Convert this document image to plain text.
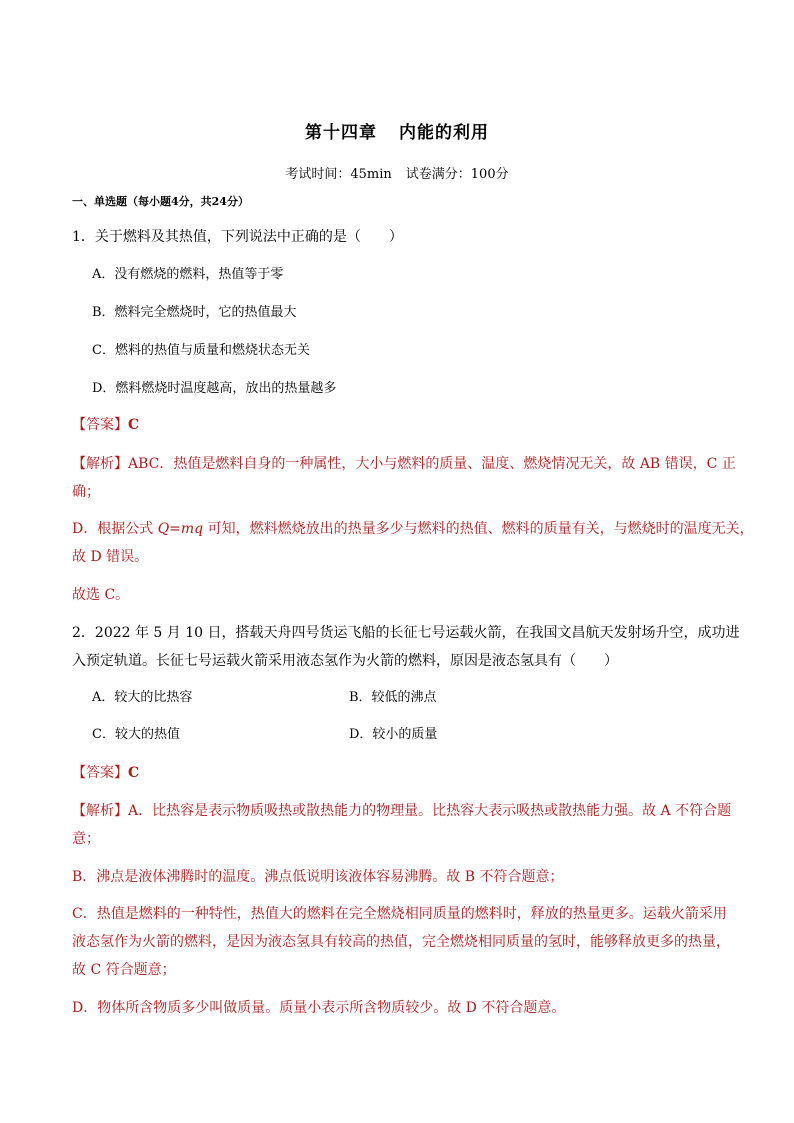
第十四章 内能的利用
考试时间：45min 试卷满分：100分
一、单选题（每小题4分，共24分）
1．关于燃料及其热值，下列说法中正确的是（　　）
A．没有燃烧的燃料，热值等于零
B．燃料完全燃烧时，它的热值最大
C．燃料的热值与质量和燃烧状态无关
D．燃料燃烧时温度越高，放出的热量越多
【答案】C
【解析】ABC．热值是燃料自身的一种属性，大小与燃料的质量、温度、燃烧情况无关，故 AB 错误，C 正
确；
D．根据公式 Q=mq 可知，燃料燃烧放出的热量多少与燃料的热值、燃料的质量有关，与燃烧时的温度无关，
故 D 错误。
故选 C。
2．2022 年 5 月 10 日，搭载天舟四号货运飞船的长征七号运载火箭，在我国文昌航天发射场升空，成功进
入预定轨道。长征七号运载火箭采用液态氢作为火箭的燃料，原因是液态氢具有（　　）
A．较大的比热容	B．较低的沸点
C．较大的热值	D．较小的质量
【答案】C
【解析】A．比热容是表示物质吸热或散热能力的物理量。比热容大表示吸热或散热能力强。故 A 不符合题
意；
B．沸点是液体沸腾时的温度。沸点低说明该液体容易沸腾。故 B 不符合题意；
C．热值是燃料的一种特性，热值大的燃料在完全燃烧相同质量的燃料时，释放的热量更多。运载火箭采用
液态氢作为火箭的燃料，是因为液态氢具有较高的热值，完全燃烧相同质量的氢时，能够释放更多的热量，
故 C 符合题意；
D．物体所含物质多少叫做质量。质量小表示所含物质较少。故 D 不符合题意。
